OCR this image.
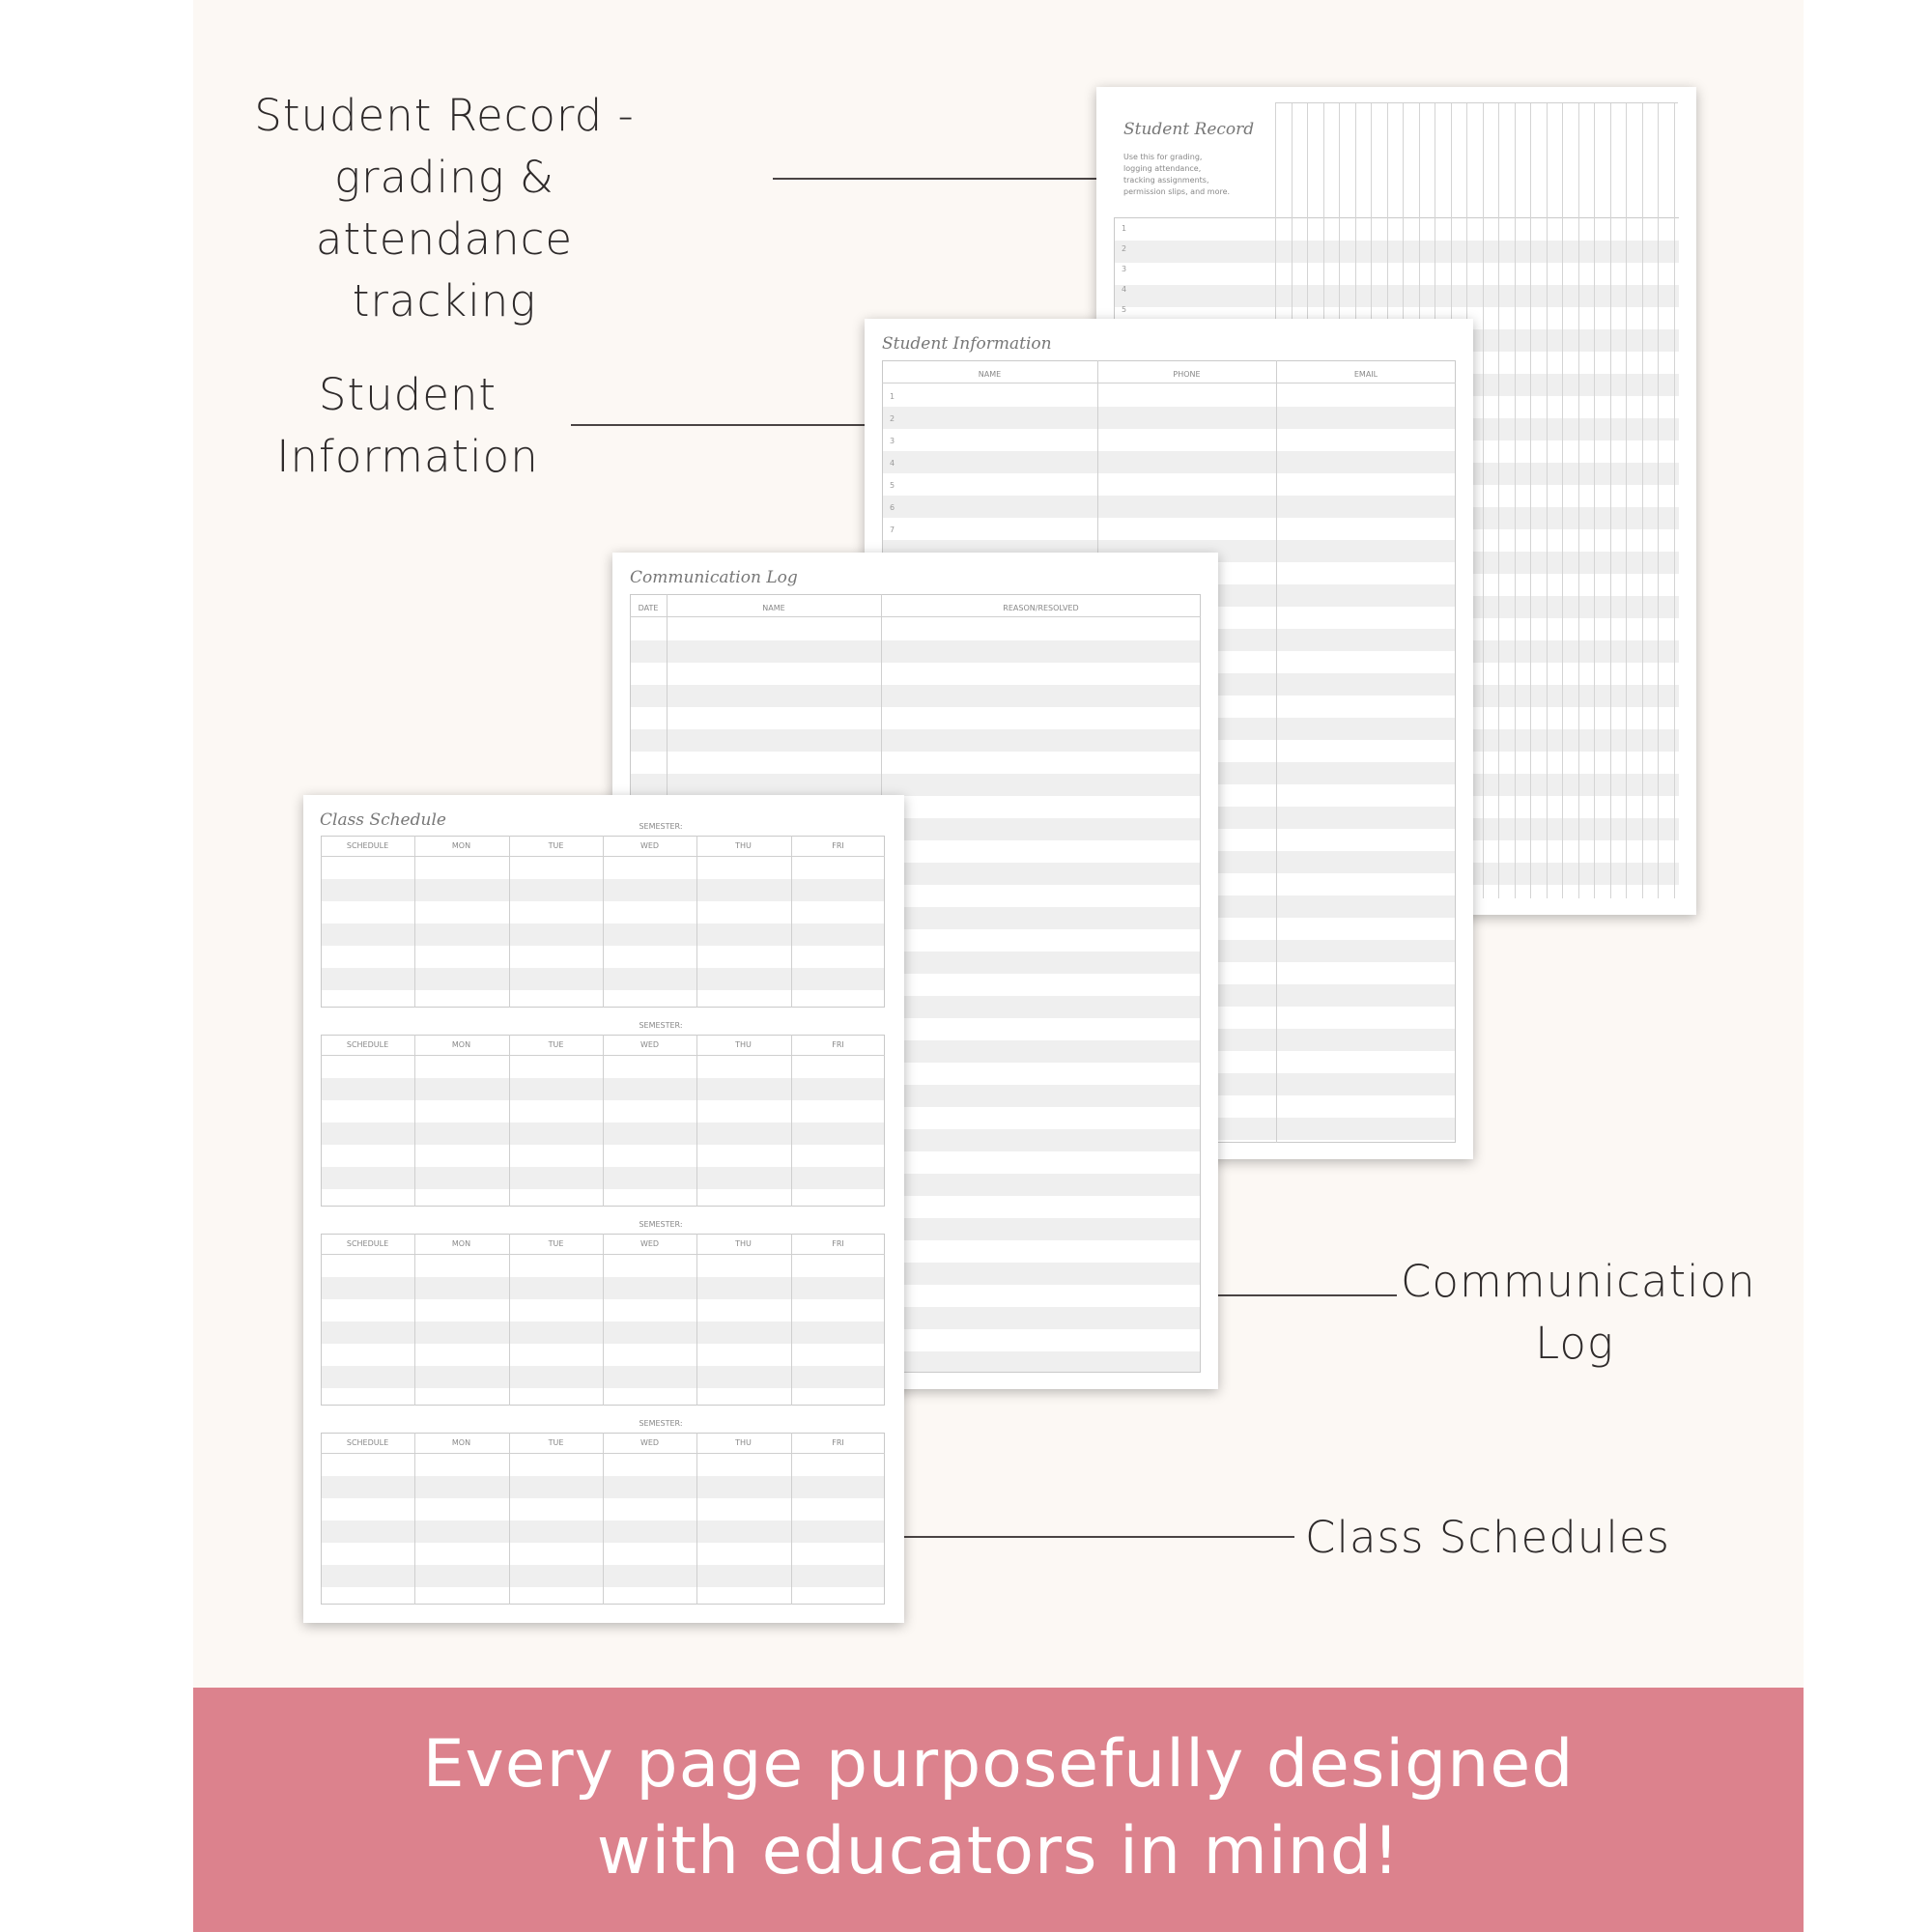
Student Record -
grading & attendance
tracking
Student
Information
Communication
Log
Class Schedules
Student Record
Use this for grading,
logging attendance,
tracking assignments,
permission slips, and more.
1
2
3
4
5
Student Information
NAME	PHONE	EMAIL
1
2
3
4
5
6
7
Communication Log
DATE	NAME	REASON/RESOLVED
Class Schedule	SEMESTER:
SCHEDULE	MON	TUE	WED	THU	FRI
SEMESTER:
SCHEDULE	MON	TUE	WED	THU	FRI
SEMESTER:
SCHEDULE	MON	TUE	WED	THU	FRI
SEMESTER:
SCHEDULE	MON	TUE	WED	THU	FRI
Every page purposefully designed
with educators in mind!
